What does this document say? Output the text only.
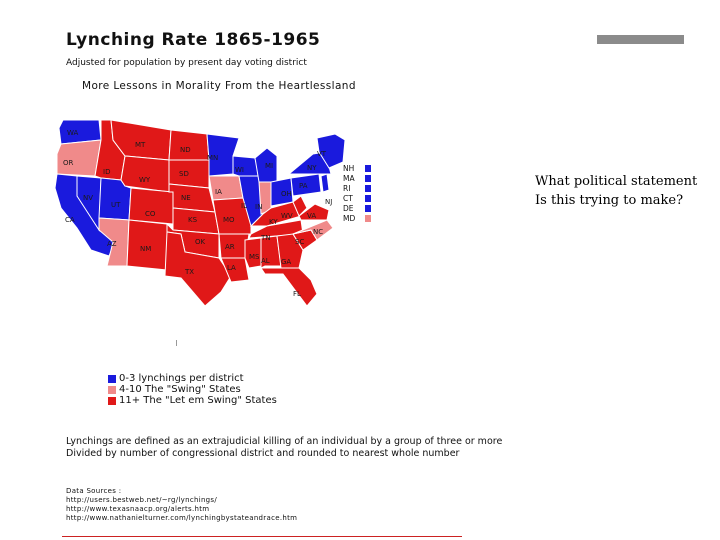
Lynching Rate 1865-1965
Adjusted for population by present day voting district
More Lessons in Morality From the Heartlessland
WA
OR
CA
NV
ID
UT
AZ
MT
WY
CO
NM
ND
SD
NE
KS
OK
TX
MN
IA
MO
AR
LA
WI
IL
MI
IN
OH
KY
TN
MS AL GA
FL
SC
NC
VA
WV
PA
NY
VT
NJ
NH
MA
RI
CT
DE
MD
What political statement
Is this trying to make?
0-3 lynchings per district
4-10 The "Swing" States
11+ The "Let em Swing" States
Lynchings are defined as an extrajudicial killing of an individual by a group of three or more
Divided by number of congressional district and rounded to nearest whole number
Data Sources :
http://users.bestweb.net/~rg/lynchings/
http://www.texasnaacp.org/alerts.htm
http://www.nathanielturner.com/lynchingbystateandrace.htm
